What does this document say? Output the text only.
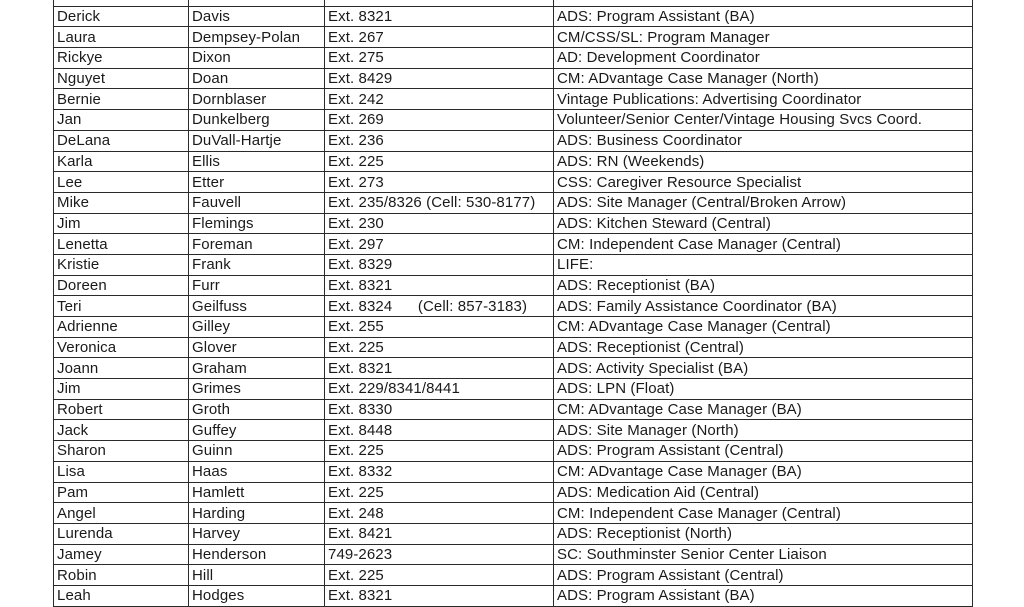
Derick	Davis	Ext. 8321	ADS: Program Assistant (BA)
Laura	Dempsey-Polan	Ext. 267	CM/CSS/SL: Program Manager
Rickye	Dixon	Ext. 275	AD: Development Coordinator
Nguyet	Doan	Ext. 8429	CM: ADvantage Case Manager (North)
Bernie	Dornblaser	Ext. 242	Vintage Publications: Advertising Coordinator
Jan	Dunkelberg	Ext. 269	Volunteer/Senior Center/Vintage Housing Svcs Coord.
DeLana	DuVall-Hartje	Ext. 236	ADS: Business Coordinator
Karla	Ellis	Ext. 225	ADS: RN (Weekends)
Lee	Etter	Ext. 273	CSS: Caregiver Resource Specialist
Mike	Fauvell	Ext. 235/8326 (Cell: 530-8177)	ADS: Site Manager (Central/Broken Arrow)
Jim	Flemings	Ext. 230	ADS: Kitchen Steward (Central)
Lenetta	Foreman	Ext. 297	CM: Independent Case Manager (Central)
Kristie	Frank	Ext. 8329	LIFE:
Doreen	Furr	Ext. 8321	ADS: Receptionist (BA)
Teri	Geilfuss	Ext. 8324      (Cell: 857-3183)	ADS: Family Assistance Coordinator (BA)
Adrienne	Gilley	Ext. 255	CM: ADvantage Case Manager (Central)
Veronica	Glover	Ext. 225	ADS: Receptionist (Central)
Joann	Graham	Ext. 8321	ADS: Activity Specialist (BA)
Jim	Grimes	Ext. 229/8341/8441	ADS: LPN (Float)
Robert	Groth	Ext. 8330	CM: ADvantage Case Manager (BA)
Jack	Guffey	Ext. 8448	ADS: Site Manager (North)
Sharon	Guinn	Ext. 225	ADS: Program Assistant (Central)
Lisa	Haas	Ext. 8332	CM: ADvantage Case Manager (BA)
Pam	Hamlett	Ext. 225	ADS: Medication Aid (Central)
Angel	Harding	Ext. 248	CM: Independent Case Manager (Central)
Lurenda	Harvey	Ext. 8421	ADS: Receptionist (North)
Jamey	Henderson	749-2623	SC: Southminster Senior Center Liaison
Robin	Hill	Ext. 225	ADS: Program Assistant (Central)
Leah	Hodges	Ext. 8321	ADS: Program Assistant (BA)
